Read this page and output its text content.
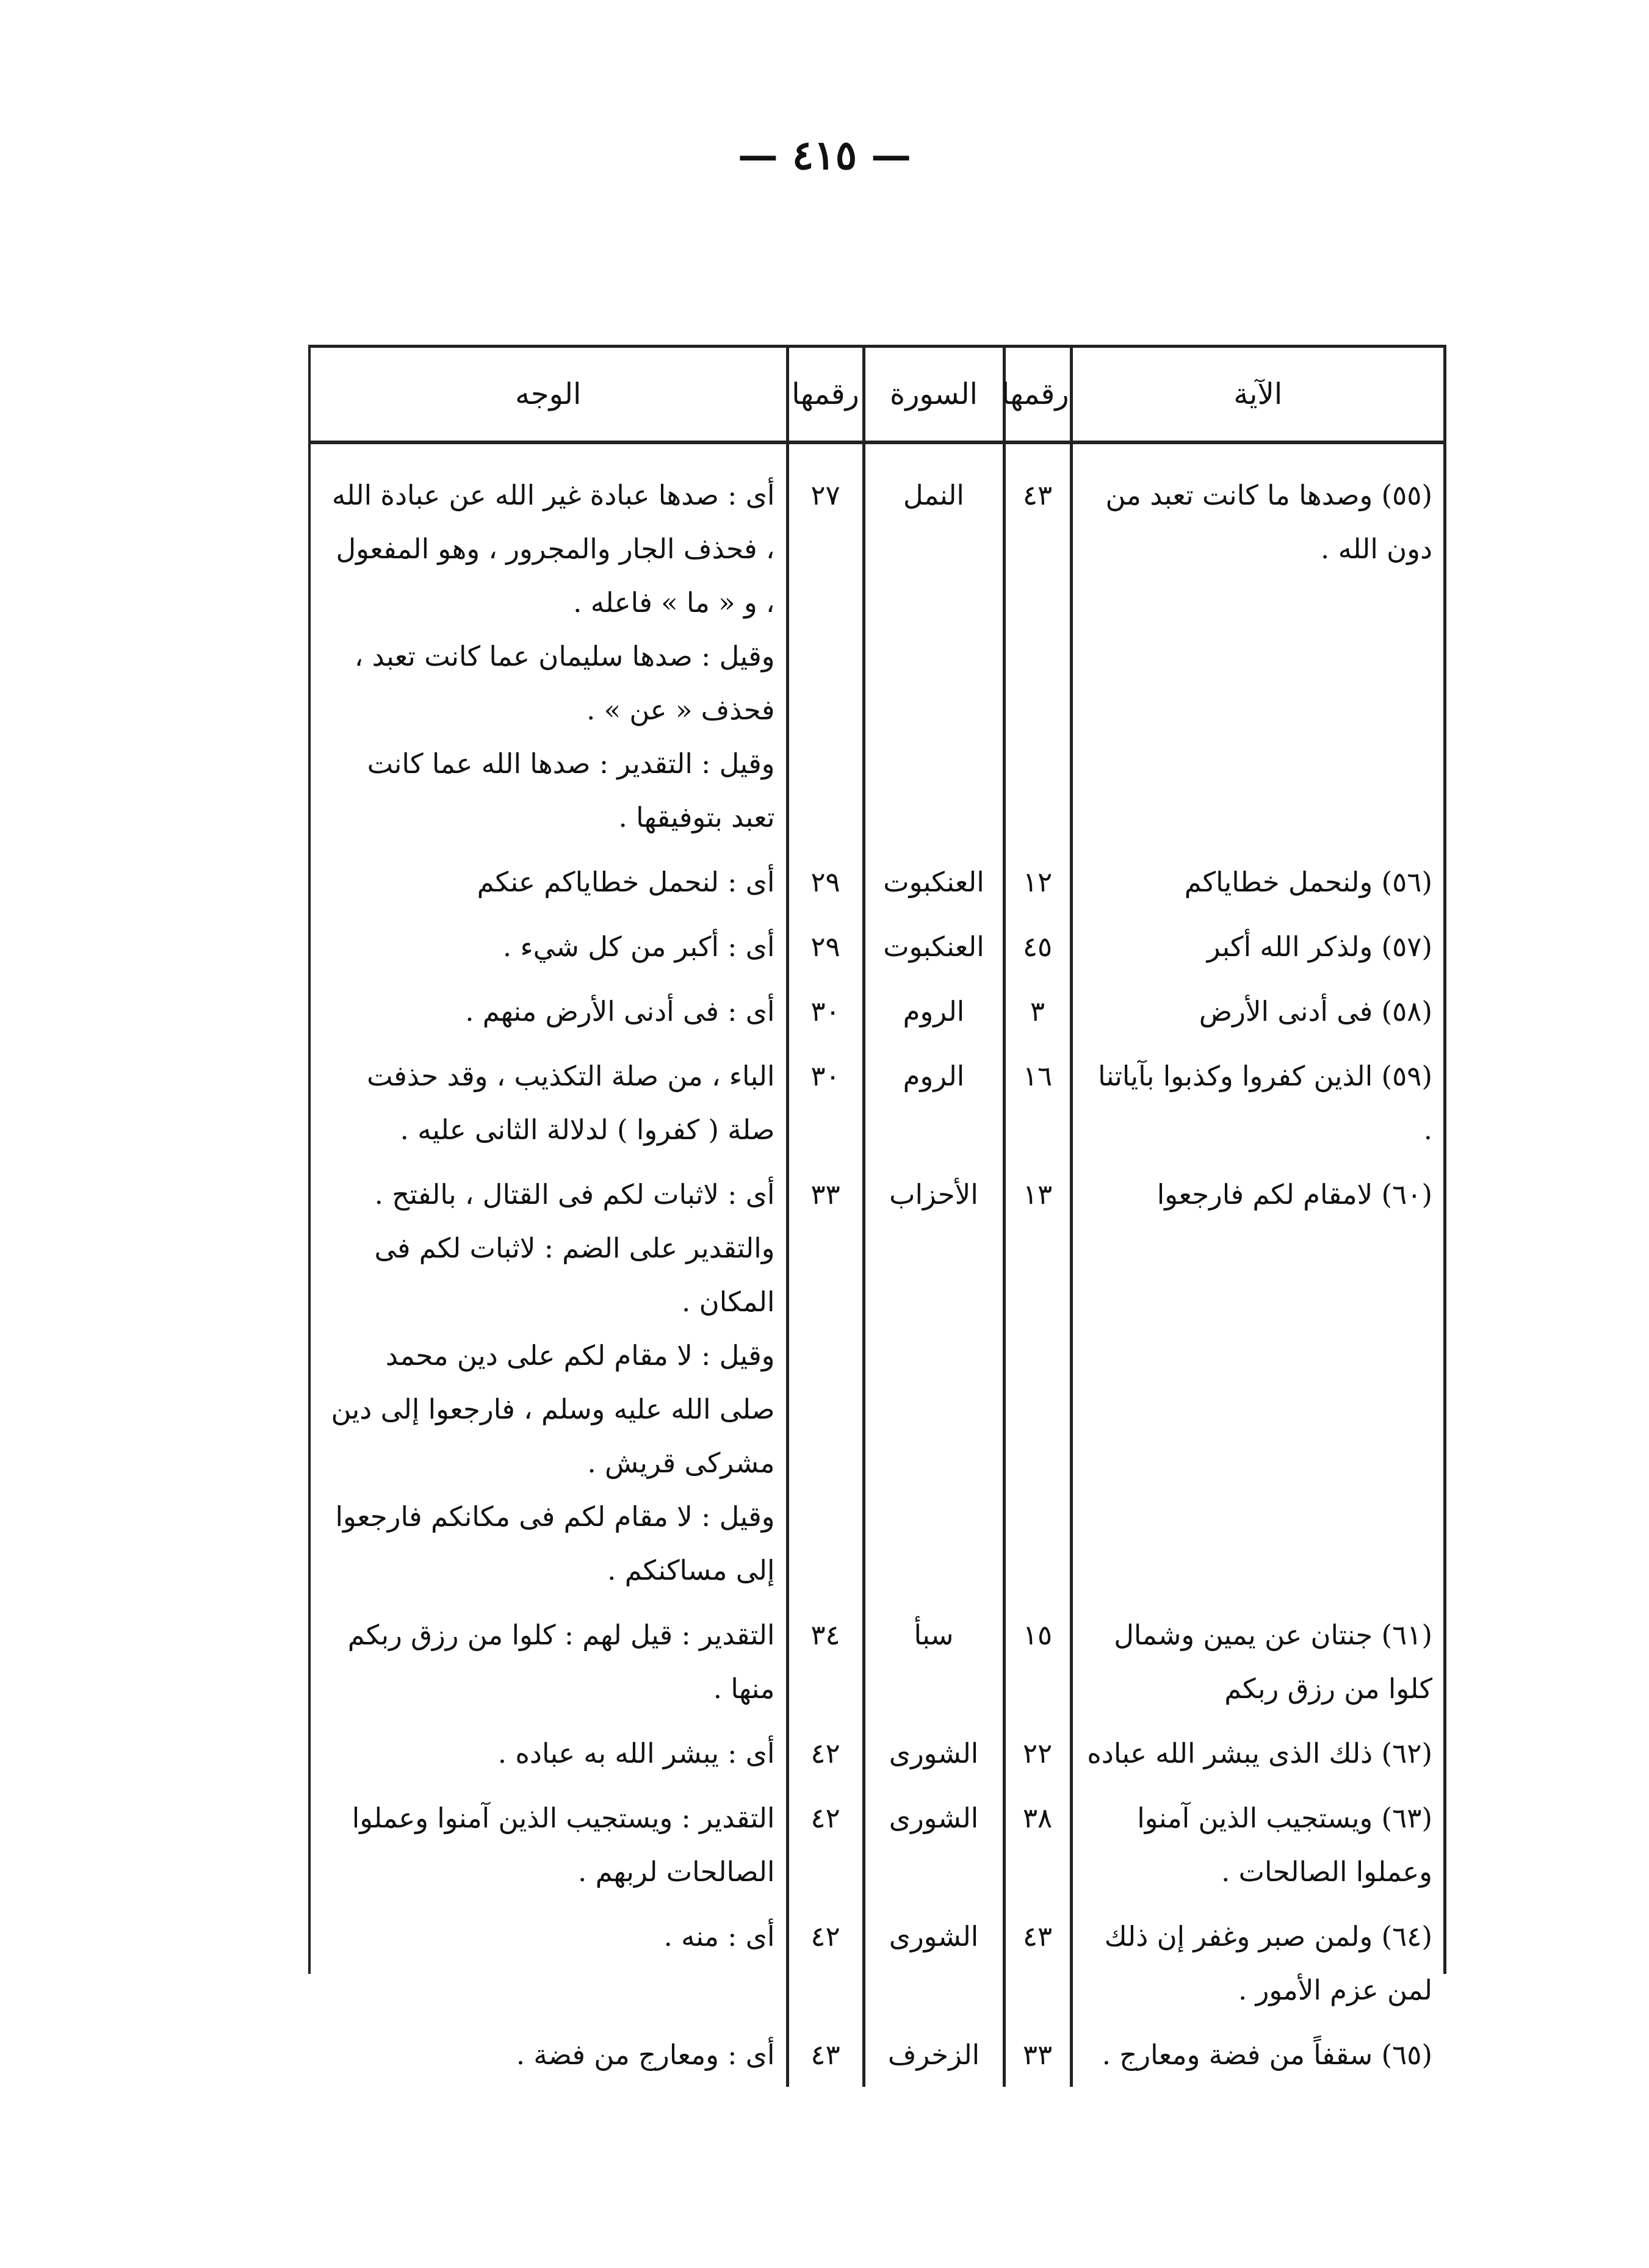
— ٤١٥ —
الآية	رقمها	السورة	رقمها	الوجه
(٥٥) وصدها ما كانت تعبد من دون الله .	٤٣	النمل	٢٧	أى : صدها عبادة غير الله عن عبادة الله ، فحذف الجار والمجرور ، وهو المفعول ، و « ما » فاعله .
وقيل : صدها سليمان عما كانت تعبد ، فحذف « عن » .
وقيل : التقدير : صدها الله عما كانت تعبد بتوفيقها .

(٥٦) ولنحمل خطاياكم	١٢	العنكبوت	٢٩	أى : لنحمل خطاياكم عنكم

(٥٧) ولذكر الله أكبر	٤٥	العنكبوت	٢٩	أى : أكبر من كل شيء .

(٥٨) فى أدنى الأرض	٣	الروم	٣٠	أى : فى أدنى الأرض منهم .

(٥٩) الذين كفروا وكذبوا بآياتنا .	١٦	الروم	٣٠	الباء ، من صلة التكذيب ، وقد حذفت صلة ( كفروا ) لدلالة الثانى عليه .

(٦٠) لامقام لكم فارجعوا	١٣	الأحزاب	٣٣	أى : لاثبات لكم فى القتال ، بالفتح .
والتقدير على الضم : لاثبات لكم فى المكان .
وقيل : لا مقام لكم على دين محمد صلى الله عليه وسلم ، فارجعوا إلى دين مشركى قريش .
وقيل : لا مقام لكم فى مكانكم فارجعوا إلى مساكنكم .

(٦١) جنتان عن يمين وشمال كلوا من رزق ربكم	١٥	سبأ	٣٤	التقدير : قيل لهم : كلوا من رزق ربكم منها .

(٦٢) ذلك الذى يبشر الله عباده	٢٢	الشورى	٤٢	أى : يبشر الله به عباده .

(٦٣) ويستجيب الذين آمنوا وعملوا الصالحات .	٣٨	الشورى	٤٢	التقدير : ويستجيب الذين آمنوا وعملوا الصالحات لربهم .

(٦٤) ولمن صبر وغفر إن ذلك لمن عزم الأمور .	٤٣	الشورى	٤٢	أى : منه .

(٦٥) سقفاً من فضة ومعارج .	٣٣	الزخرف	٤٣	أى : ومعارج من فضة .
